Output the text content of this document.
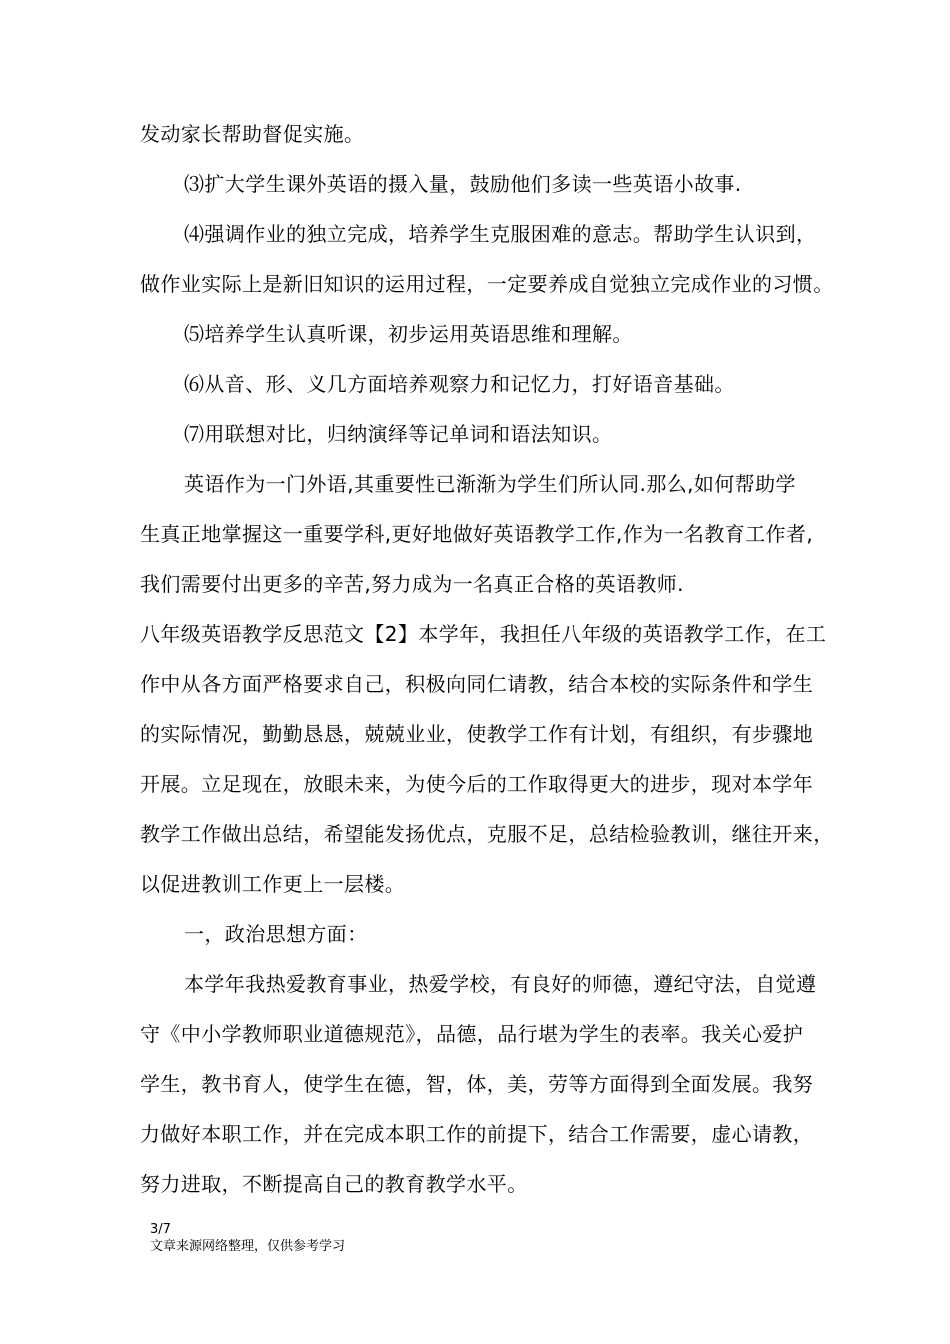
发动家长帮助督促实施。
⑶扩大学生课外英语的摄入量，鼓励他们多读一些英语小故事.
⑷强调作业的独立完成，培养学生克服困难的意志。帮助学生认识到，
做作业实际上是新旧知识的运用过程，一定要养成自觉独立完成作业的习惯。
⑸培养学生认真听课，初步运用英语思维和理解。
⑹从音、形、义几方面培养观察力和记忆力，打好语音基础。
⑺用联想对比，归纳演绎等记单词和语法知识。
英语作为一门外语,其重要性已渐渐为学生们所认同.那么,如何帮助学
生真正地掌握这一重要学科,更好地做好英语教学工作,作为一名教育工作者,
我们需要付出更多的辛苦,努力成为一名真正合格的英语教师.
八年级英语教学反思范文【2】本学年，我担任八年级的英语教学工作，在工
作中从各方面严格要求自己，积极向同仁请教，结合本校的实际条件和学生
的实际情况，勤勤恳恳，兢兢业业，使教学工作有计划，有组织，有步骤地
开展。立足现在，放眼未来，为使今后的工作取得更大的进步，现对本学年
教学工作做出总结，希望能发扬优点，克服不足，总结检验教训，继往开来，
以促进教训工作更上一层楼。
一，政治思想方面：
本学年我热爱教育事业，热爱学校，有良好的师德，遵纪守法，自觉遵
守《中小学教师职业道德规范》，品德，品行堪为学生的表率。我关心爱护
学生，教书育人，使学生在德，智，体，美，劳等方面得到全面发展。我努
力做好本职工作，并在完成本职工作的前提下，结合工作需要，虚心请教，
努力进取，不断提高自己的教育教学水平。
3/7
文章来源网络整理，仅供参考学习
